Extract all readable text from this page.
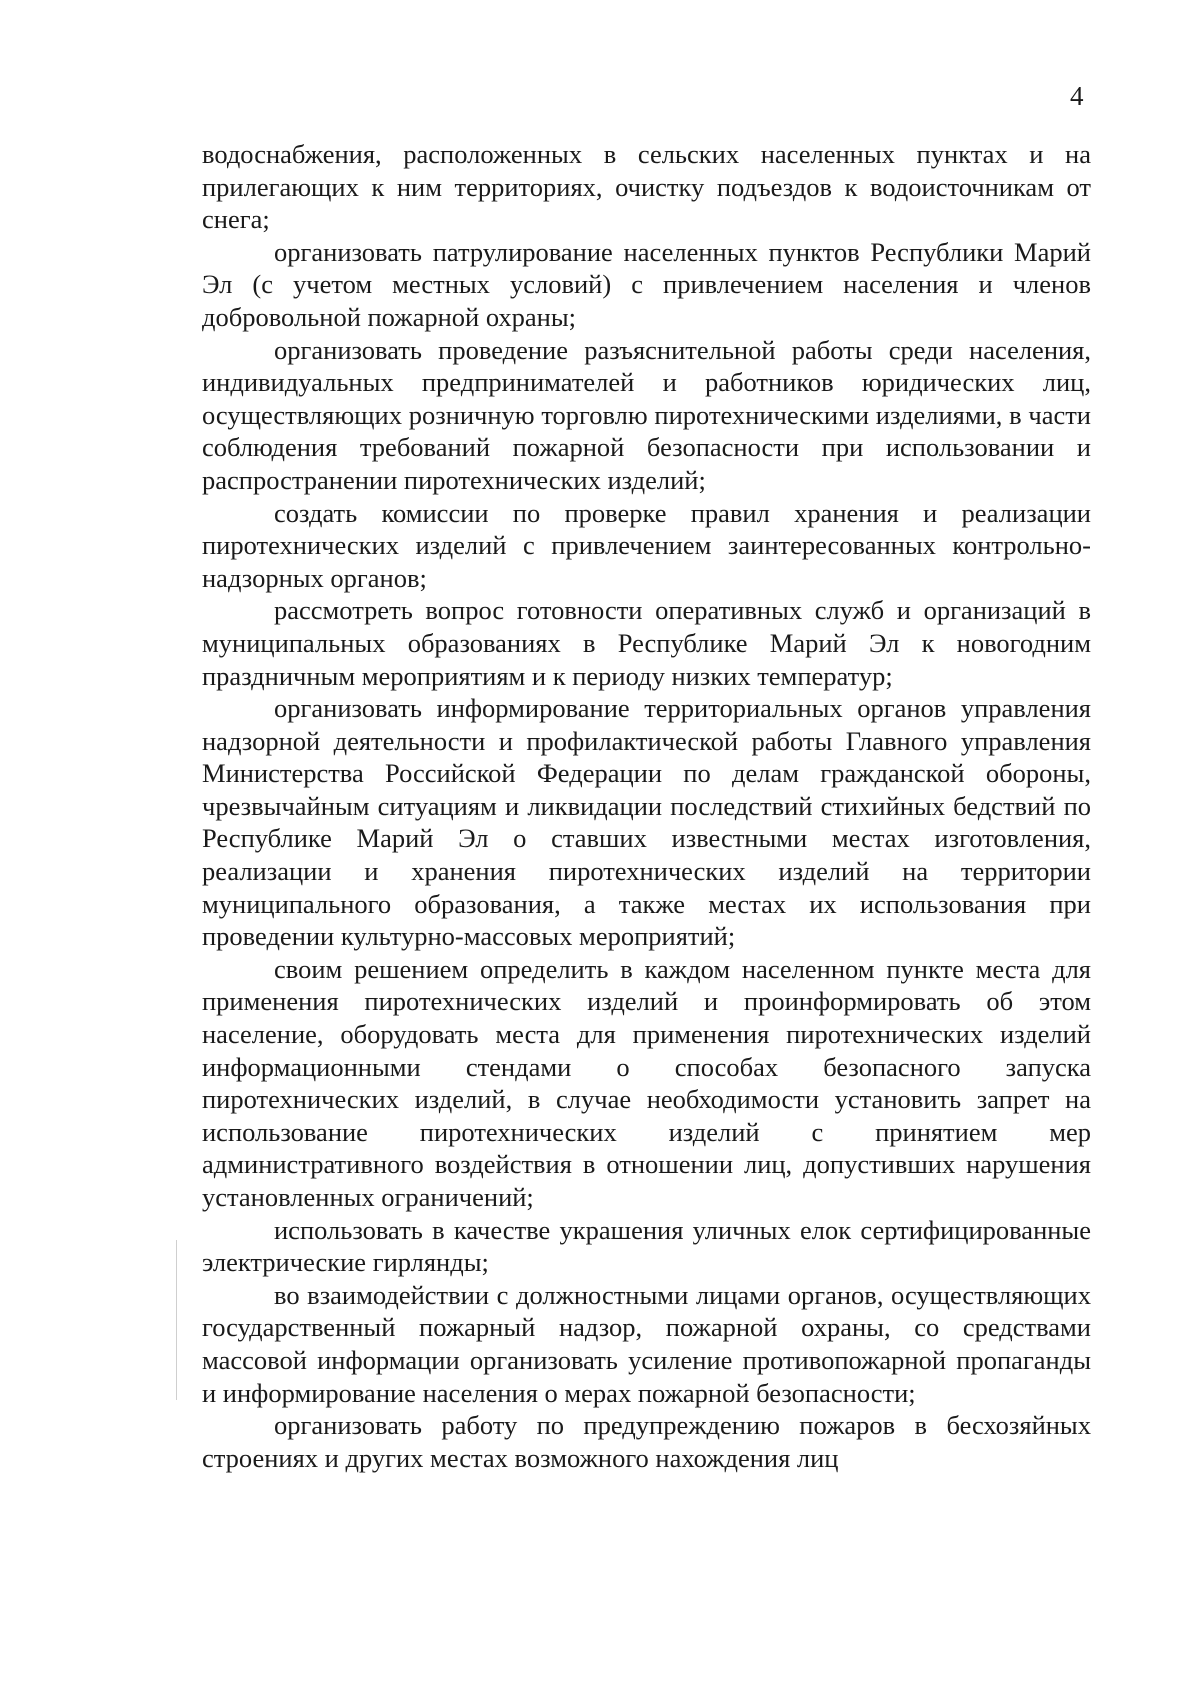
4

водоснабжения, расположенных в сельских населенных пунктах и на прилегающих к ним территориях, очистку подъездов к водоисточникам от снега;

организовать патрулирование населенных пунктов Республики Марий Эл (с учетом местных условий) с привлечением населения и членов добровольной пожарной охраны;

организовать проведение разъяснительной работы среди населения, индивидуальных предпринимателей и работников юридических лиц, осуществляющих розничную торговлю пиротехническими изделиями, в части соблюдения требований пожарной безопасности при использовании и распространении пиротехнических изделий;

создать комиссии по проверке правил хранения и реализации пиротехнических изделий с привлечением заинтересованных контрольно-надзорных органов;

рассмотреть вопрос готовности оперативных служб и организаций в муниципальных образованиях в Республике Марий Эл к новогодним праздничным мероприятиям и к периоду низких температур;

организовать информирование территориальных органов управления надзорной деятельности и профилактической работы Главного управления Министерства Российской Федерации по делам гражданской обороны, чрезвычайным ситуациям и ликвидации последствий стихийных бедствий по Республике Марий Эл о ставших известными местах изготовления, реализации и хранения пиротехнических изделий на территории муниципального образования, а также местах их использования при проведении культурно-массовых мероприятий;

своим решением определить в каждом населенном пункте места для применения пиротехнических изделий и проинформировать об этом население, оборудовать места для применения пиротехнических изделий информационными стендами о способах безопасного запуска пиротехнических изделий, в случае необходимости установить запрет на использование пиротехнических изделий с принятием мер административного воздействия в отношении лиц, допустивших нарушения установленных ограничений;

использовать в качестве украшения уличных елок сертифицированные электрические гирлянды;

во взаимодействии с должностными лицами органов, осуществляющих государственный пожарный надзор, пожарной охраны, со средствами массовой информации организовать усиление противопожарной пропаганды и информирование населения о мерах пожарной безопасности;

организовать работу по предупреждению пожаров в бесхозяйных строениях и других местах возможного нахождения лиц
